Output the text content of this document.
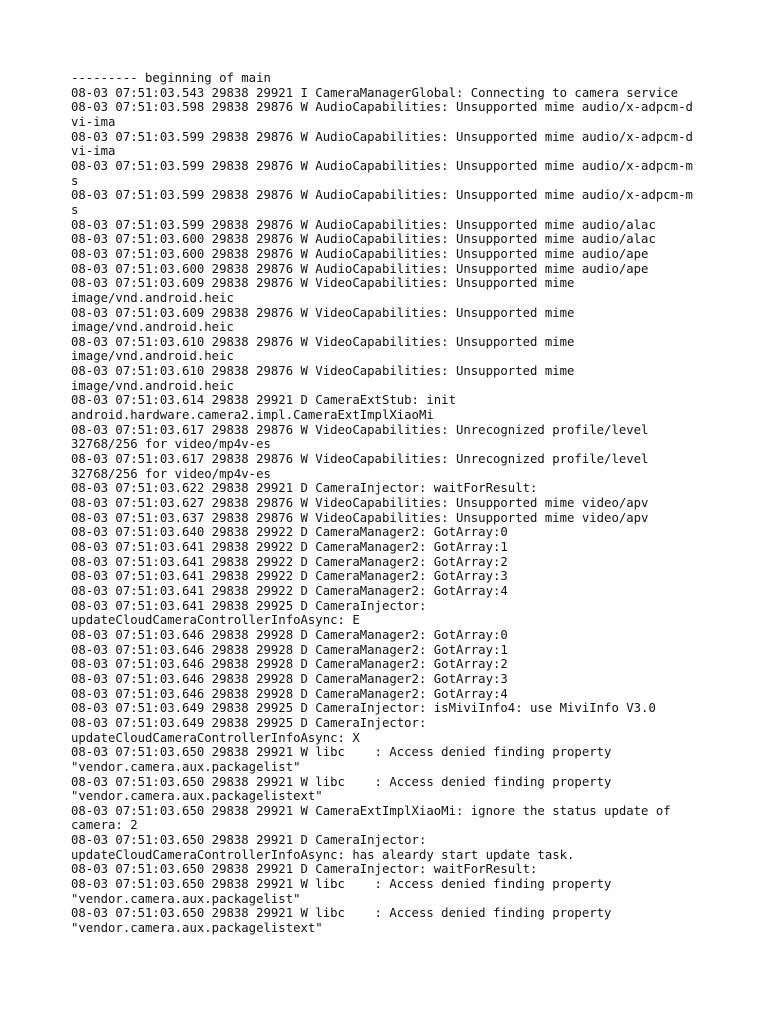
--------- beginning of main
08-03 07:51:03.543 29838 29921 I CameraManagerGlobal: Connecting to camera service
08-03 07:51:03.598 29838 29876 W AudioCapabilities: Unsupported mime audio/x-adpcm-dvi-ima
08-03 07:51:03.599 29838 29876 W AudioCapabilities: Unsupported mime audio/x-adpcm-dvi-ima
08-03 07:51:03.599 29838 29876 W AudioCapabilities: Unsupported mime audio/x-adpcm-ms
08-03 07:51:03.599 29838 29876 W AudioCapabilities: Unsupported mime audio/x-adpcm-ms
08-03 07:51:03.599 29838 29876 W AudioCapabilities: Unsupported mime audio/alac
08-03 07:51:03.600 29838 29876 W AudioCapabilities: Unsupported mime audio/alac
08-03 07:51:03.600 29838 29876 W AudioCapabilities: Unsupported mime audio/ape
08-03 07:51:03.600 29838 29876 W AudioCapabilities: Unsupported mime audio/ape
08-03 07:51:03.609 29838 29876 W VideoCapabilities: Unsupported mime
image/vnd.android.heic
08-03 07:51:03.609 29838 29876 W VideoCapabilities: Unsupported mime
image/vnd.android.heic
08-03 07:51:03.610 29838 29876 W VideoCapabilities: Unsupported mime
image/vnd.android.heic
08-03 07:51:03.610 29838 29876 W VideoCapabilities: Unsupported mime
image/vnd.android.heic
08-03 07:51:03.614 29838 29921 D CameraExtStub: init
android.hardware.camera2.impl.CameraExtImplXiaoMi
08-03 07:51:03.617 29838 29876 W VideoCapabilities: Unrecognized profile/level
32768/256 for video/mp4v-es
08-03 07:51:03.617 29838 29876 W VideoCapabilities: Unrecognized profile/level
32768/256 for video/mp4v-es
08-03 07:51:03.622 29838 29921 D CameraInjector: waitForResult:
08-03 07:51:03.627 29838 29876 W VideoCapabilities: Unsupported mime video/apv
08-03 07:51:03.637 29838 29876 W VideoCapabilities: Unsupported mime video/apv
08-03 07:51:03.640 29838 29922 D CameraManager2: GotArray:0
08-03 07:51:03.641 29838 29922 D CameraManager2: GotArray:1
08-03 07:51:03.641 29838 29922 D CameraManager2: GotArray:2
08-03 07:51:03.641 29838 29922 D CameraManager2: GotArray:3
08-03 07:51:03.641 29838 29922 D CameraManager2: GotArray:4
08-03 07:51:03.641 29838 29925 D CameraInjector:
updateCloudCameraControllerInfoAsync: E
08-03 07:51:03.646 29838 29928 D CameraManager2: GotArray:0
08-03 07:51:03.646 29838 29928 D CameraManager2: GotArray:1
08-03 07:51:03.646 29838 29928 D CameraManager2: GotArray:2
08-03 07:51:03.646 29838 29928 D CameraManager2: GotArray:3
08-03 07:51:03.646 29838 29928 D CameraManager2: GotArray:4
08-03 07:51:03.649 29838 29925 D CameraInjector: isMiviInfo4: use MiviInfo V3.0
08-03 07:51:03.649 29838 29925 D CameraInjector:
updateCloudCameraControllerInfoAsync: X
08-03 07:51:03.650 29838 29921 W libc    : Access denied finding property
"vendor.camera.aux.packagelist"
08-03 07:51:03.650 29838 29921 W libc    : Access denied finding property
"vendor.camera.aux.packagelistext"
08-03 07:51:03.650 29838 29921 W CameraExtImplXiaoMi: ignore the status update of
camera: 2
08-03 07:51:03.650 29838 29921 D CameraInjector:
updateCloudCameraControllerInfoAsync: has aleardy start update task.
08-03 07:51:03.650 29838 29921 D CameraInjector: waitForResult:
08-03 07:51:03.650 29838 29921 W libc    : Access denied finding property
"vendor.camera.aux.packagelist"
08-03 07:51:03.650 29838 29921 W libc    : Access denied finding property
"vendor.camera.aux.packagelistext"
